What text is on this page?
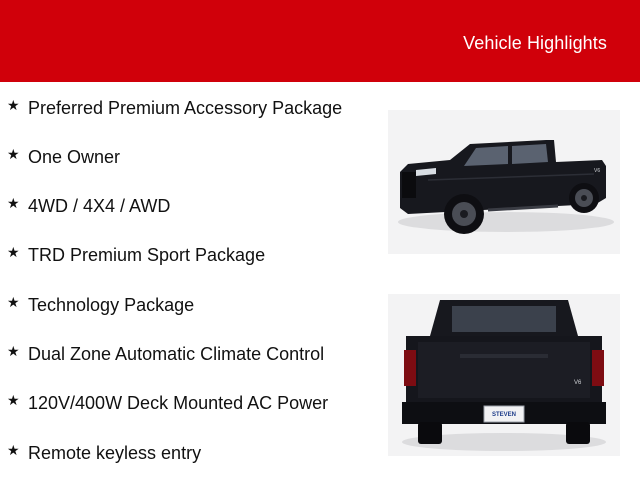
Vehicle Highlights
★ Preferred Premium Accessory Package
★ One Owner
★ 4WD / 4X4 / AWD
★ TRD Premium Sport Package
★ Technology Package
★ Dual Zone Automatic Climate Control
★ 120V/400W Deck Mounted AC Power
★ Remote keyless entry
V6
V6
STEVEN
